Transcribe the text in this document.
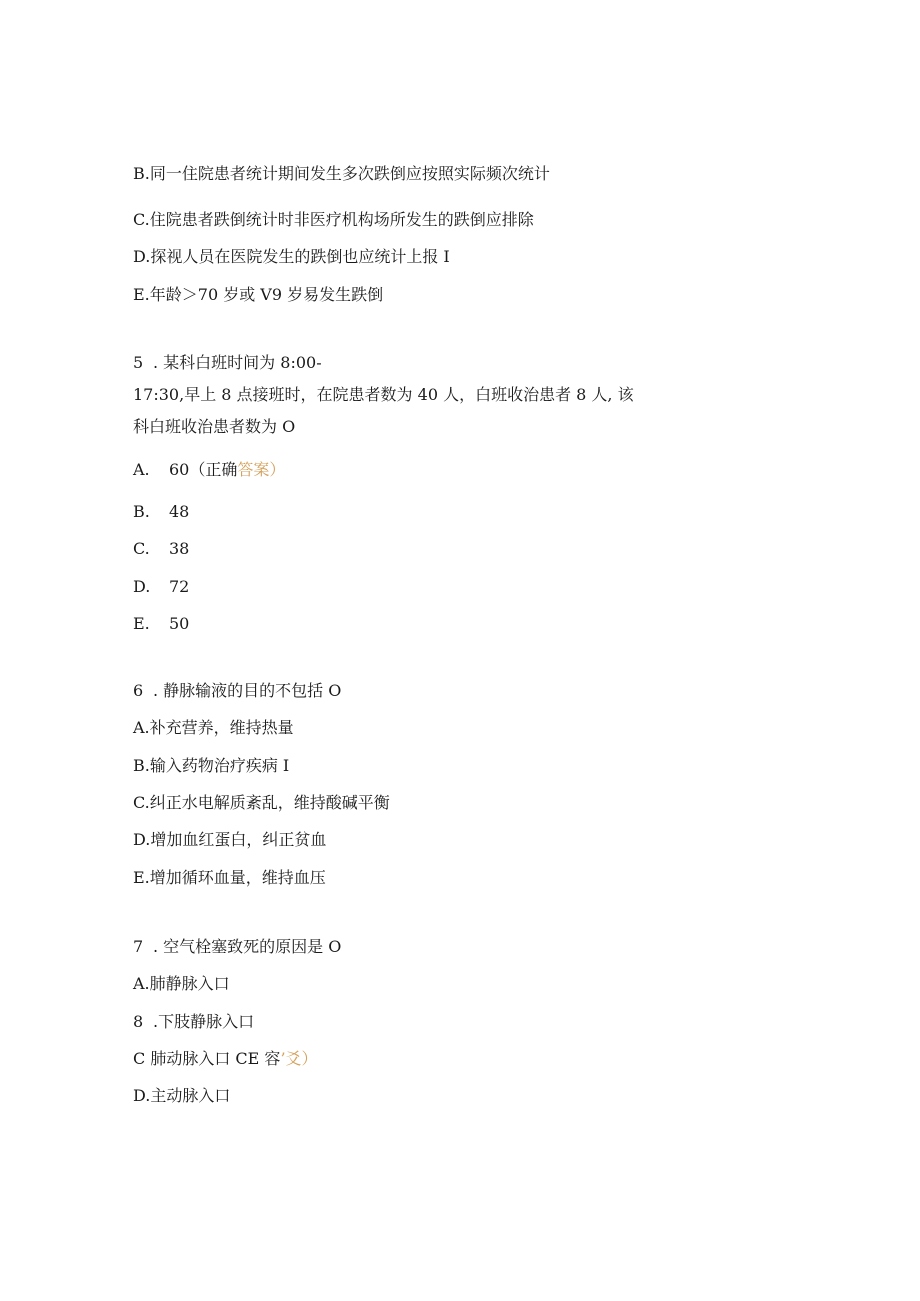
B.同一住院患者统计期间发生多次跌倒应按照实际频次统计
C.住院患者跌倒统计时非医疗机构场所发生的跌倒应排除
D.探视人员在医院发生的跌倒也应统计上报 I
E.年龄＞70 岁或 V9 岁易发生跌倒
5 . 某科白班时间为 8:00-
17:30,早上 8 点接班时，在院患者数为 40 人，白班收治患者 8 人, 该
科白班收治患者数为 O
A. 60（正确答案）
B. 48
C. 38
D. 72
E. 50
6 . 静脉输液的目的不包括 O
A.补充营养，维持热量
B.输入药物治疗疾病 I
C.纠正水电解质紊乱，维持酸碱平衡
D.增加血红蛋白，纠正贫血
E.增加循环血量，维持血压
7 . 空气栓塞致死的原因是 O
A.肺静脉入口
8 .下肢静脉入口
C 肺动脉入口 CE 容’爻）
D.主动脉入口
